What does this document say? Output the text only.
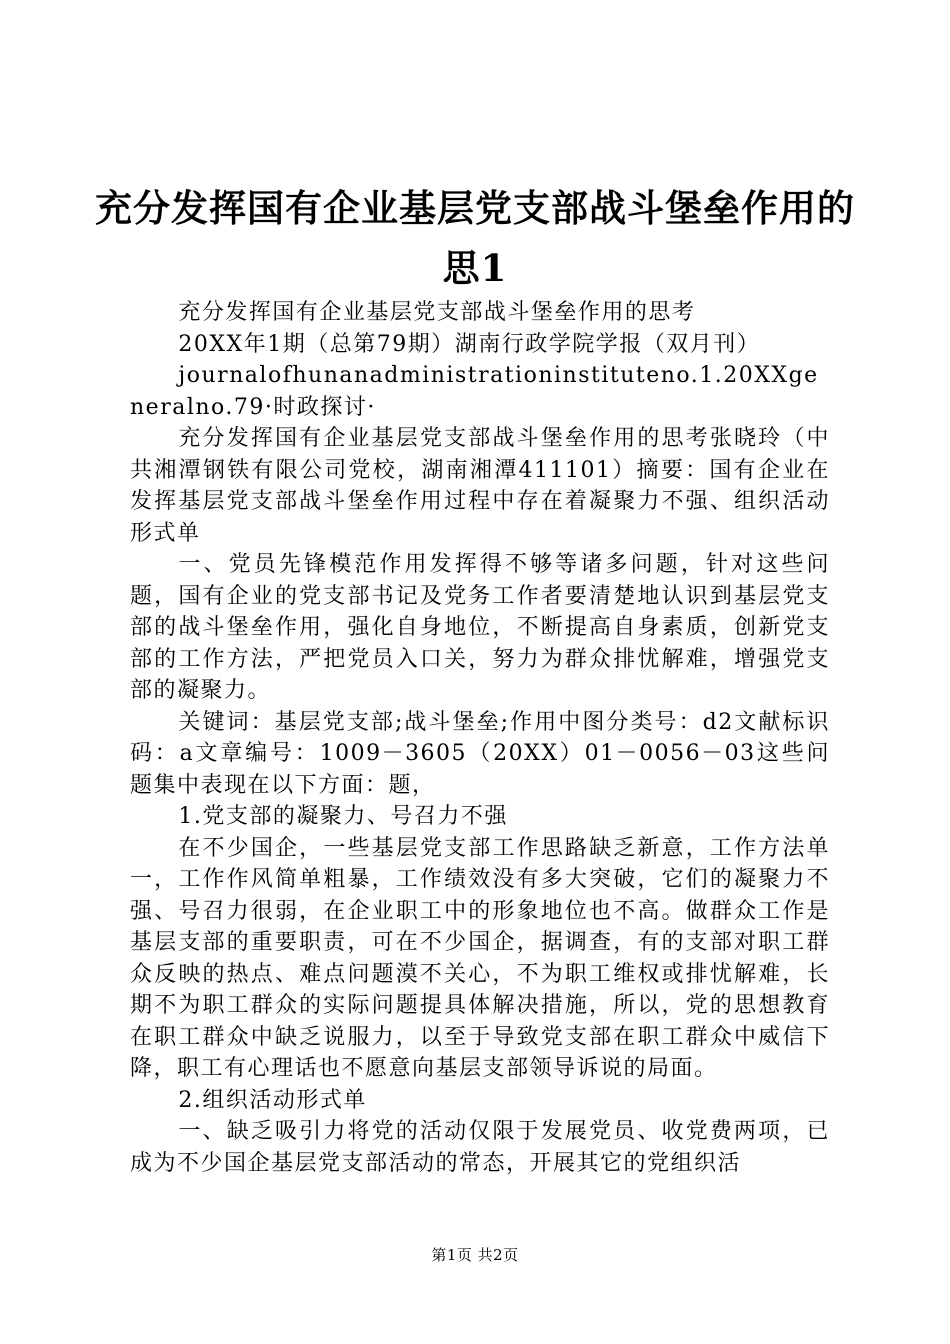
充分发挥国有企业基层党支部战斗堡垒作用的
思1

充分发挥国有企业基层党支部战斗堡垒作用的思考

20XX年1期（总第79期）湖南行政学院学报（双月刊）

journalofhunanadministrationinstituteno.1.20XXgeneralno.79·时政探讨·

充分发挥国有企业基层党支部战斗堡垒作用的思考张晓玲（中共湘潭钢铁有限公司党校，湖南湘潭411101）摘要：国有企业在发挥基层党支部战斗堡垒作用过程中存在着凝聚力不强、组织活动形式单

一、党员先锋模范作用发挥得不够等诸多问题，针对这些问题，国有企业的党支部书记及党务工作者要清楚地认识到基层党支部的战斗堡垒作用，强化自身地位，不断提高自身素质，创新党支部的工作方法，严把党员入口关，努力为群众排忧解难，增强党支部的凝聚力。

关键词：基层党支部;战斗堡垒;作用中图分类号：d2文献标识码：a文章编号：1009－3605（20XX）01－0056－03这些问题集中表现在以下方面：题，

1.党支部的凝聚力、号召力不强

在不少国企，一些基层党支部工作思路缺乏新意，工作方法单一，工作作风简单粗暴，工作绩效没有多大突破，它们的凝聚力不强、号召力很弱，在企业职工中的形象地位也不高。做群众工作是基层支部的重要职责，可在不少国企，据调查，有的支部对职工群众反映的热点、难点问题漠不关心，不为职工维权或排忧解难，长期不为职工群众的实际问题提具体解决措施，所以，党的思想教育在职工群众中缺乏说服力，以至于导致党支部在职工群众中威信下降，职工有心理话也不愿意向基层支部领导诉说的局面。

2.组织活动形式单

一、缺乏吸引力将党的活动仅限于发展党员、收党费两项，已成为不少国企基层党支部活动的常态，开展其它的党组织活

第1页 共2页
